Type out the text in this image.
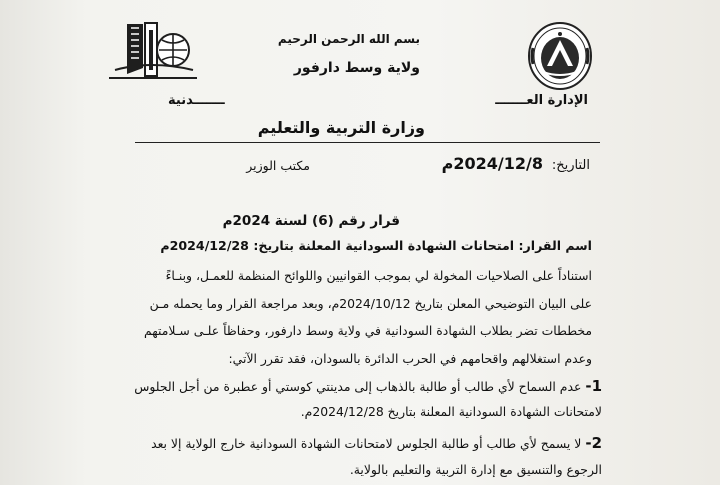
بسم الله الرحمن الرحيم
ولاية وسط دارفور
الإدارة العـــــــ
ـــــــدنية
وزارة التربية والتعليم
التاريخ:
2024/12/8م
مكتب الوزير
قرار رقم (6) لسنة 2024م
اسم القرار: امتحانات الشهادة السودانية المعلنة بتاريخ: 2024/12/28م
استناداً على الصلاحيات المخولة لي بموجب القوانيين واللوائح المنظمة للعمـل، وبنـاءً
على البيان التوضيحي المعلن بتاريخ 2024/10/12م، وبعد مراجعة القرار وما يحمله مـن
مخططات تضر بطلاب الشهادة السودانية في ولاية وسط دارفور، وحفاظاً علـى سـلامتهم
وعدم استغلالهم واقحامهم في الحرب الدائرة بالسودان، فقد تقرر الآتي:
1- عدم السماح لأي طالب أو طالبة بالذهاب إلى مدينتي كوستي أو عطبرة من أجل الجلوس
لامتحانات الشهادة السودانية المعلنة بتاريخ 2024/12/28م.
2- لا يسمح لأي طالب أو طالبة الجلوس لامتحانات الشهادة السودانية خارج الولاية إلا بعد
الرجوع والتنسيق مع إدارة التربية والتعليم بالولاية.
